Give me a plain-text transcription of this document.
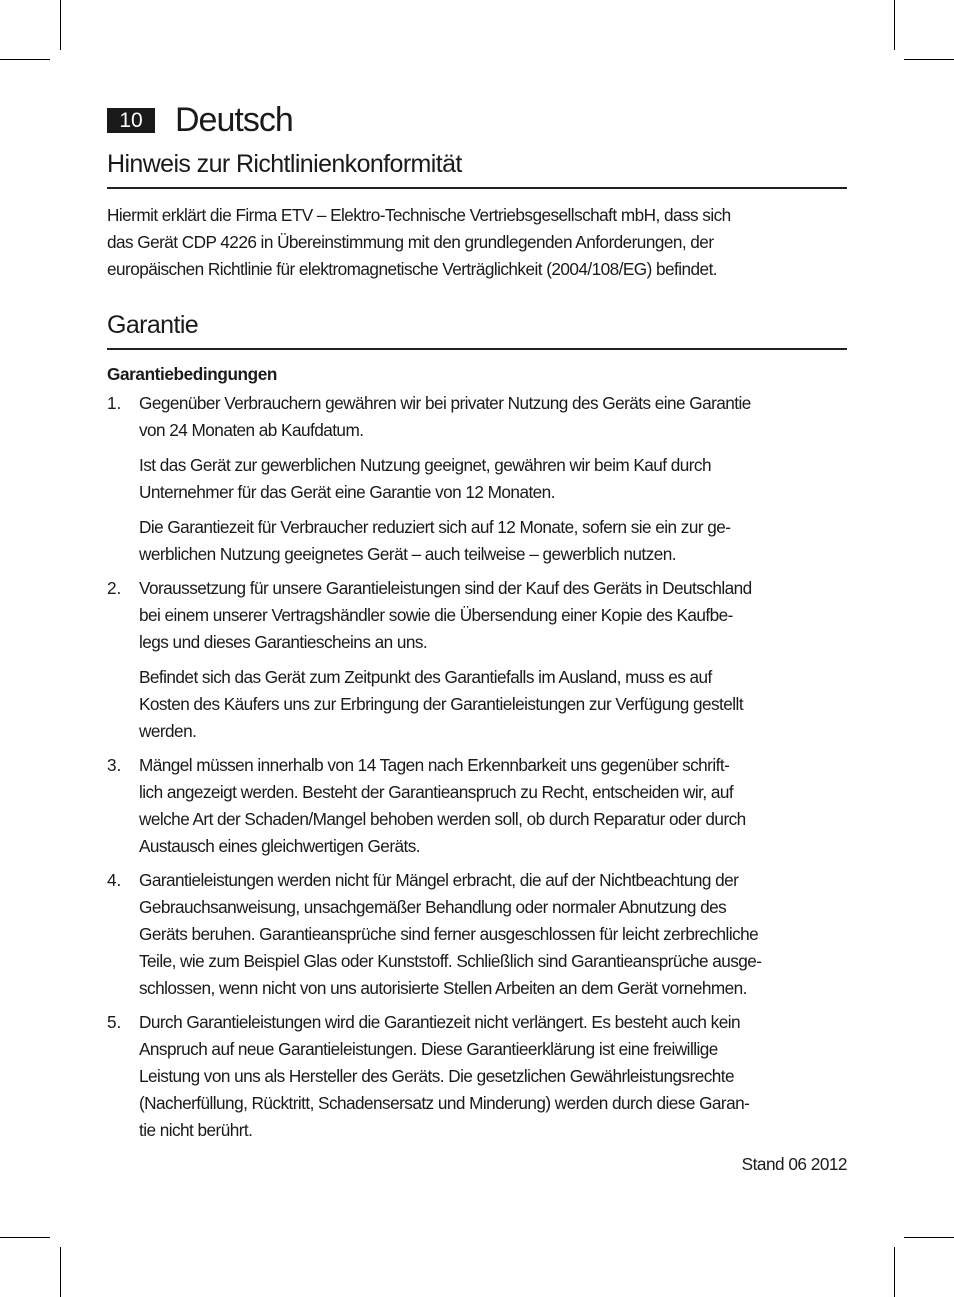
10 Deutsch
Hinweis zur Richtlinienkonformität

Hiermit erklärt die Firma ETV – Elektro-Technische Vertriebsgesellschaft mbH, dass sich
das Gerät CDP 4226 in Übereinstimmung mit den grundlegenden Anforderungen, der
europäischen Richtlinie für elektromagnetische Verträglichkeit (2004/108/EG) befindet.

Garantie
Garantiebedingungen
1. Gegenüber Verbrauchern gewähren wir bei privater Nutzung des Geräts eine Garantie
von 24 Monaten ab Kaufdatum.

Ist das Gerät zur gewerblichen Nutzung geeignet, gewähren wir beim Kauf durch
Unternehmer für das Gerät eine Garantie von 12 Monaten.

Die Garantiezeit für Verbraucher reduziert sich auf 12 Monate, sofern sie ein zur ge-
werblichen Nutzung geeignetes Gerät – auch teilweise – gewerblich nutzen.

2. Voraussetzung für unsere Garantieleistungen sind der Kauf des Geräts in Deutschland
bei einem unserer Vertragshändler sowie die Übersendung einer Kopie des Kaufbe-
legs und dieses Garantiescheins an uns.

Befindet sich das Gerät zum Zeitpunkt des Garantiefalls im Ausland, muss es auf
Kosten des Käufers uns zur Erbringung der Garantieleistungen zur Verfügung gestellt
werden.

3. Mängel müssen innerhalb von 14 Tagen nach Erkennbarkeit uns gegenüber schrift-
lich angezeigt werden. Besteht der Garantieanspruch zu Recht, entscheiden wir, auf
welche Art der Schaden/Mangel behoben werden soll, ob durch Reparatur oder durch
Austausch eines gleichwertigen Geräts.

4. Garantieleistungen werden nicht für Mängel erbracht, die auf der Nichtbeachtung der
Gebrauchsanweisung, unsachgemäßer Behandlung oder normaler Abnutzung des
Geräts beruhen. Garantieansprüche sind ferner ausgeschlossen für leicht zerbrechliche
Teile, wie zum Beispiel Glas oder Kunststoff. Schließlich sind Garantieansprüche ausge-
schlossen, wenn nicht von uns autorisierte Stellen Arbeiten an dem Gerät vornehmen.

5. Durch Garantieleistungen wird die Garantiezeit nicht verlängert. Es besteht auch kein
Anspruch auf neue Garantieleistungen. Diese Garantieerklärung ist eine freiwillige
Leistung von uns als Hersteller des Geräts. Die gesetzlichen Gewährleistungsrechte
(Nacherfüllung, Rücktritt, Schadensersatz und Minderung) werden durch diese Garan-
tie nicht berührt.

Stand 06 2012
